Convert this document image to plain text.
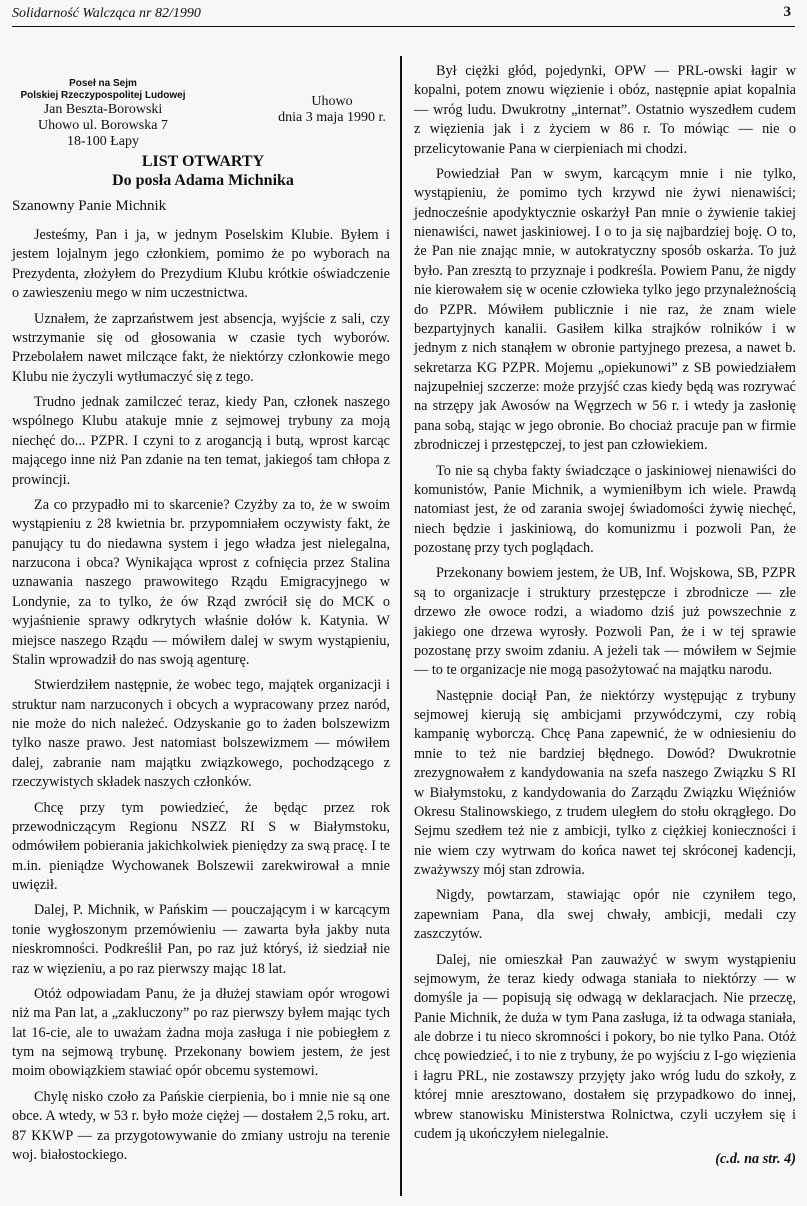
Solidarność Walcząca nr 82/1990	3
Poseł na Sejm
Polskiej Rzeczypospolitej Ludowej
Jan Beszta-Borowski
Uhowo ul. Borowska 7
18-100 Łapy
Uhowo
dnia 3 maja 1990 r.
LIST OTWARTY
Do posła Adama Michnika
Szanowny Panie Michnik

Jesteśmy, Pan i ja, w jednym Poselskim Klubie. Byłem i jestem lojalnym jego członkiem, pomimo że po wyborach na Prezydenta, złożyłem do Prezydium Klubu krótkie oświadczenie o zawieszeniu mego w nim uczestnictwa.

Uznałem, że zaprzaństwem jest absencja, wyjście z sali, czy wstrzymanie się od głosowania w czasie tych wyborów. Przebolałem nawet milczące fakt, że niektórzy członkowie mego Klubu nie życzyli wytłumaczyć się z tego.

Trudno jednak zamilczeć teraz, kiedy Pan, członek naszego wspólnego Klubu atakuje mnie z sejmowej trybuny za moją niechęć do... PZPR. I czyni to z arogancją i butą, wprost karcąc mającego inne niż Pan zdanie na ten temat, jakiegoś tam chłopa z prowincji.

Za co przypadło mi to skarcenie? Czyżby za to, że w swoim wystąpieniu z 28 kwietnia br. przypomniałem oczywisty fakt, że panujący tu do niedawna system i jego władza jest nielegalna, narzucona i obca? Wynikająca wprost z cofnięcia przez Stalina uznawania naszego prawowitego Rządu Emigracyjnego w Londynie, za to tylko, że ów Rząd zwrócił się do MCK o wyjaśnienie sprawy odkrytych właśnie dołów k. Katynia. W miejsce naszego Rządu — mówiłem dalej w swym wystąpieniu, Stalin wprowadził do nas swoją agenturę.

Stwierdziłem następnie, że wobec tego, majątek organizacji i struktur nam narzuconych i obcych a wypracowany przez naród, nie może do nich należeć. Odzyskanie go to żaden bolszewizm tylko nasze prawo. Jest natomiast bolszewizmem — mówiłem dalej, zabranie nam majątku związkowego, pochodzącego z rzeczywistych składek naszych członków.

Chcę przy tym powiedzieć, że będąc przez rok przewodniczącym Regionu NSZZ RI S w Białymstoku, odmówiłem pobierania jakichkolwiek pieniędzy za swą pracę. I te m.in. pieniądze Wychowanek Bolszewii zarekwirował a mnie uwięził.

Dalej, P. Michnik, w Pańskim — pouczającym i w karcącym tonie wygłoszonym przemówieniu — zawarta była jakby nuta nieskromności. Podkreślił Pan, po raz już któryś, iż siedział nie raz w więzieniu, a po raz pierwszy mając 18 lat.

Otóż odpowiadam Panu, że ja dłużej stawiam opór wrogowi niż ma Pan lat, a „zakluczony” po raz pierwszy byłem mając tych lat 16-cie, ale to uważam żadna moja zasługa i nie pobiegłem z tym na sejmową trybunę. Przekonany bowiem jestem, że jest moim obowiązkiem stawiać opór obcemu systemowi.

Chylę nisko czoło za Pańskie cierpienia, bo i mnie nie są one obce. A wtedy, w 53 r. było może ciężej — dostałem 2,5 roku, art. 87 KKWP — za przygotowywanie do zmiany ustroju na terenie woj. białostockiego.

Był ciężki głód, pojedynki, OPW — PRL-owski łagir w kopalni, potem znowu więzienie i obóz, następnie apiat kopalnia — wróg ludu. Dwukrotny „internat”. Ostatnio wyszedłem cudem z więzienia jak i z życiem w 86 r. To mówiąc — nie o przelicytowanie Pana w cierpieniach mi chodzi.

Powiedział Pan w swym, karcącym mnie i nie tylko, wystąpieniu, że pomimo tych krzywd nie żywi nienawiści; jednocześnie apodyktycznie oskarżył Pan mnie o żywienie takiej nienawiści, nawet jaskiniowej. I o to ja się najbardziej boję. O to, że Pan nie znając mnie, w autokratyczny sposób oskarża. To już było. Pan zresztą to przyznaje i podkreśla. Powiem Panu, że nigdy nie kierowałem się w ocenie człowieka tylko jego przynależnością do PZPR. Mówiłem publicznie i nie raz, że znam wiele bezpartyjnych kanalii. Gasiłem kilka strajków rolników i w jednym z nich stanąłem w obronie partyjnego prezesa, a nawet b. sekretarza KG PZPR. Mojemu „opiekunowi” z SB powiedziałem najzupełniej szczerze: może przyjść czas kiedy będą was rozrywać na strzępy jak Awosów na Węgrzech w 56 r. i wtedy ja zasłonię pana sobą, stając w jego obronie. Bo chociaż pracuje pan w firmie zbrodniczej i przestępczej, to jest pan człowiekiem.

To nie są chyba fakty świadczące o jaskiniowej nienawiści do komunistów, Panie Michnik, a wymieniłbym ich wiele. Prawdą natomiast jest, że od zarania swojej świadomości żywię niechęć, niech będzie i jaskiniową, do komunizmu i pozwoli Pan, że pozostanę przy tych poglądach.

Przekonany bowiem jestem, że UB, Inf. Wojskowa, SB, PZPR są to organizacje i struktury przestępcze i zbrodnicze — złe drzewo złe owoce rodzi, a wiadomo dziś już powszechnie z jakiego one drzewa wyrosły. Pozwoli Pan, że i w tej sprawie pozostanę przy swoim zdaniu. A jeżeli tak — mówiłem w Sejmie — to te organizacje nie mogą pasożytować na majątku narodu.

Następnie dociął Pan, że niektórzy występując z trybuny sejmowej kierują się ambicjami przywódczymi, czy robią kampanię wyborczą. Chcę Pana zapewnić, że w odniesieniu do mnie to też nie bardziej błędnego. Dowód? Dwukrotnie zrezygnowałem z kandydowania na szefa naszego Związku S RI w Białymstoku, z kandydowania do Zarządu Związku Więźniów Okresu Stalinowskiego, z trudem uległem do stołu okrągłego. Do Sejmu szedłem też nie z ambicji, tylko z ciężkiej konieczności i nie wiem czy wytrwam do końca nawet tej skróconej kadencji, zważywszy mój stan zdrowia.

Nigdy, powtarzam, stawiając opór nie czyniłem tego, zapewniam Pana, dla swej chwały, ambicji, medali czy zaszczytów.

Dalej, nie omieszkał Pan zauważyć w swym wystąpieniu sejmowym, że teraz kiedy odwaga staniała to niektórzy — w domyśle ja — popisują się odwagą w deklaracjach. Nie przeczę, Panie Michnik, że duża w tym Pana zasługa, iż ta odwaga staniała, ale dobrze i tu nieco skromności i pokory, bo nie tylko Pana. Otóż chcę powiedzieć, i to nie z trybuny, że po wyjściu z I-go więzienia i łagru PRL, nie zostawszy przyjęty jako wróg ludu do szkoły, z której mnie aresztowano, dostałem się przypadkowo do innej, wbrew stanowisku Ministerstwa Rolnictwa, czyli uczyłem się i cudem ją ukończyłem nielegalnie.

(c.d. na str. 4)
